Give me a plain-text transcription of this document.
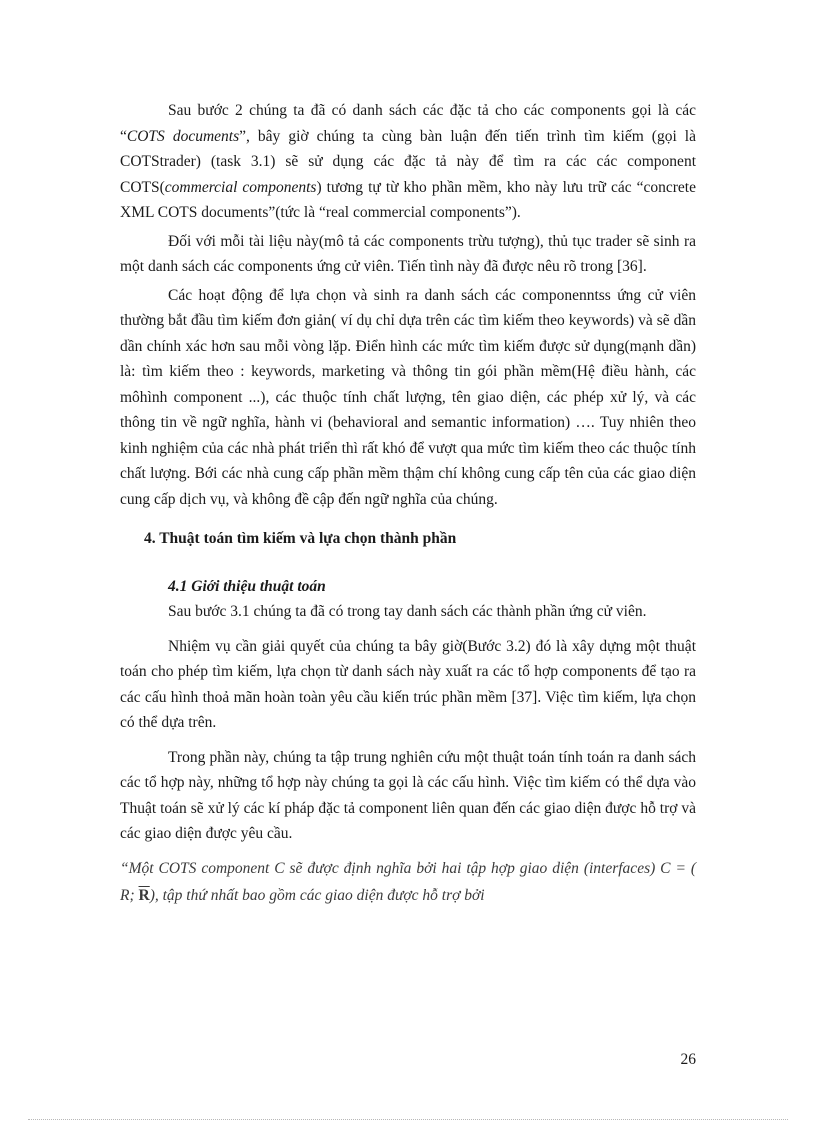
Sau bước 2 chúng ta đã có danh sách các đặc tả cho các components gọi là các “COTS documents”, bây giờ chúng ta cùng bàn luận đến tiến trình tìm kiếm (gọi là COTStrader) (task 3.1) sẽ sử dụng các đặc tả này để tìm ra các các component COTS(commercial components) tương tự từ kho phần mềm, kho này lưu trữ các “concrete XML COTS documents”(tức là “real commercial components”).

Đối với mỗi tài liệu này(mô tả các components trừu tượng), thủ tục trader sẽ sinh ra một danh sách các components ứng cử viên. Tiến tình này đã được nêu rõ trong [36].

Các hoạt động để lựa chọn và sinh ra danh sách các componenntss ứng cử viên thường bắt đầu tìm kiếm đơn giản( ví dụ chỉ dựa trên các tìm kiếm theo keywords) và sẽ dần dần chính xác hơn sau mỗi vòng lặp. Điển hình các mức tìm kiếm được sử dụng(mạnh dần) là: tìm kiếm theo : keywords, marketing và thông tin gói phần mềm(Hệ điều hành, các môhình component ...), các thuộc tính chất lượng, tên giao diện, các phép xử lý, và các thông tin về ngữ nghĩa, hành vi (behavioral and semantic information) …. Tuy nhiên theo kinh nghiệm của các nhà phát triển thì rất khó để vượt qua mức tìm kiếm theo các thuộc tính chất lượng. Bới các nhà cung cấp phần mềm thậm chí không cung cấp tên của các giao diện cung cấp dịch vụ, và không đề cập đến ngữ nghĩa của chúng.

4. Thuật toán tìm kiếm và lựa chọn thành phần

4.1 Giới thiệu thuật toán

Sau bước 3.1 chúng ta đã có trong tay danh sách các thành phần ứng cử viên.

Nhiệm vụ cần giải quyết của chúng ta bây giờ(Bước 3.2) đó là xây dựng một thuật toán cho phép tìm kiếm, lựa chọn từ danh sách này xuất ra các tổ hợp components để tạo ra các cấu hình thoả mãn hoàn toàn yêu cầu kiến trúc phần mềm [37]. Việc tìm kiếm, lựa chọn có thể dựa trên.

Trong phần này, chúng ta tập trung nghiên cứu một thuật toán tính toán ra danh sách các tổ hợp này, những tổ hợp này chúng ta gọi là các cấu hình. Việc tìm kiếm có thể dựa vào Thuật toán sẽ xử lý các kí pháp đặc tả component liên quan đến các giao diện được hỗ trợ và các giao diện được yêu cầu.

“Một COTS component C sẽ được định nghĩa bởi hai tập hợp giao diện (interfaces) C = ( R; $\overline{R}$), tập thứ nhất bao gồm các giao diện được hỗ trợ bởi

26
